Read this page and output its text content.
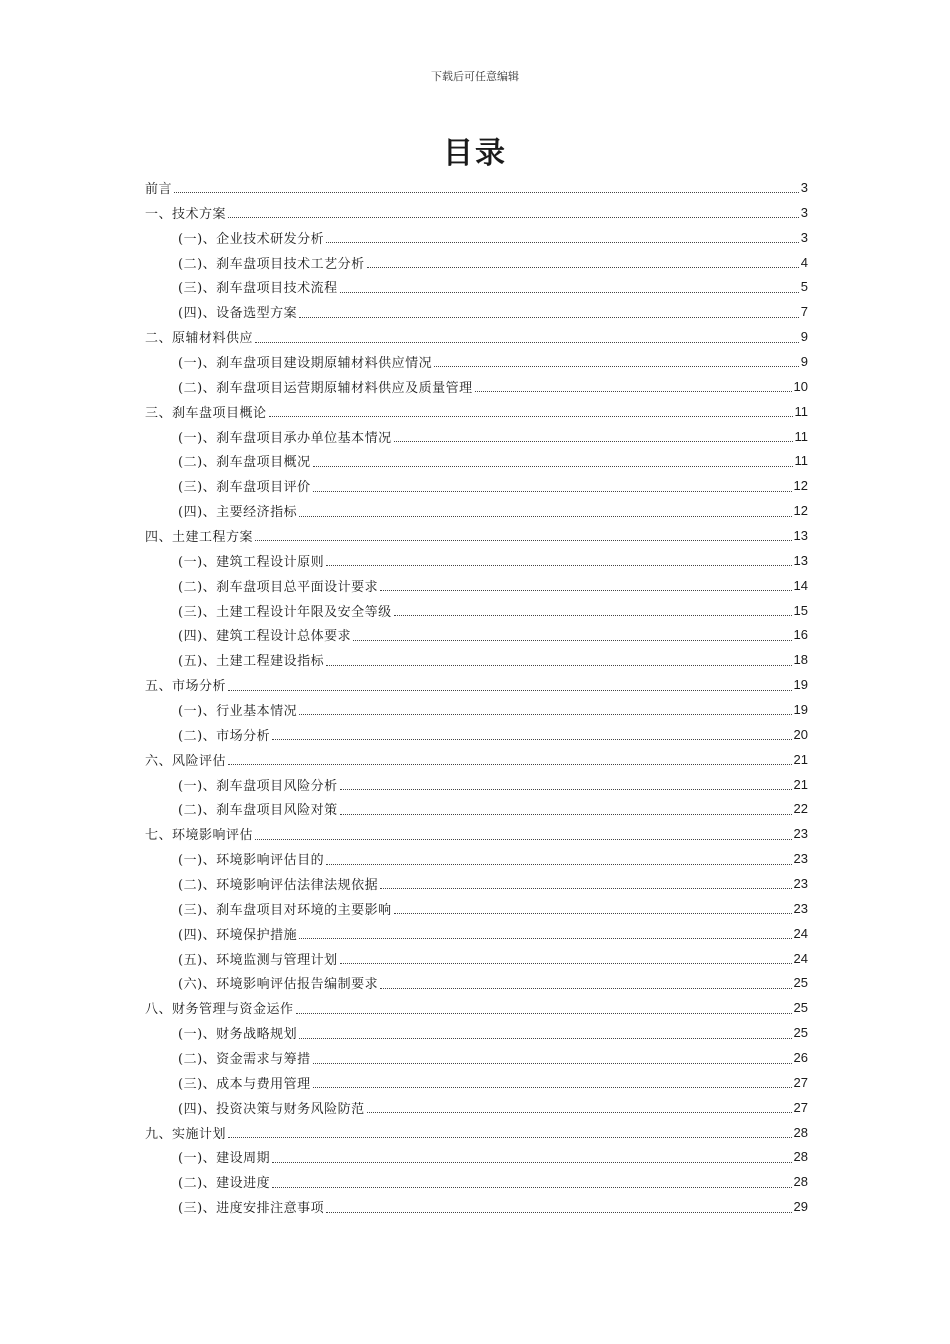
下载后可任意编辑
目录
前言	3
一、技术方案	3
(一)、企业技术研发分析	3
(二)、刹车盘项目技术工艺分析	4
(三)、刹车盘项目技术流程	5
(四)、设备选型方案	7
二、原辅材料供应	9
(一)、刹车盘项目建设期原辅材料供应情况	9
(二)、刹车盘项目运营期原辅材料供应及质量管理	10
三、刹车盘项目概论	11
(一)、刹车盘项目承办单位基本情况	11
(二)、刹车盘项目概况	11
(三)、刹车盘项目评价	12
(四)、主要经济指标	12
四、土建工程方案	13
(一)、建筑工程设计原则	13
(二)、刹车盘项目总平面设计要求	14
(三)、土建工程设计年限及安全等级	15
(四)、建筑工程设计总体要求	16
(五)、土建工程建设指标	18
五、市场分析	19
(一)、行业基本情况	19
(二)、市场分析	20
六、风险评估	21
(一)、刹车盘项目风险分析	21
(二)、刹车盘项目风险对策	22
七、环境影响评估	23
(一)、环境影响评估目的	23
(二)、环境影响评估法律法规依据	23
(三)、刹车盘项目对环境的主要影响	23
(四)、环境保护措施	24
(五)、环境监测与管理计划	24
(六)、环境影响评估报告编制要求	25
八、财务管理与资金运作	25
(一)、财务战略规划	25
(二)、资金需求与筹措	26
(三)、成本与费用管理	27
(四)、投资决策与财务风险防范	27
九、实施计划	28
(一)、建设周期	28
(二)、建设进度	28
(三)、进度安排注意事项	29
